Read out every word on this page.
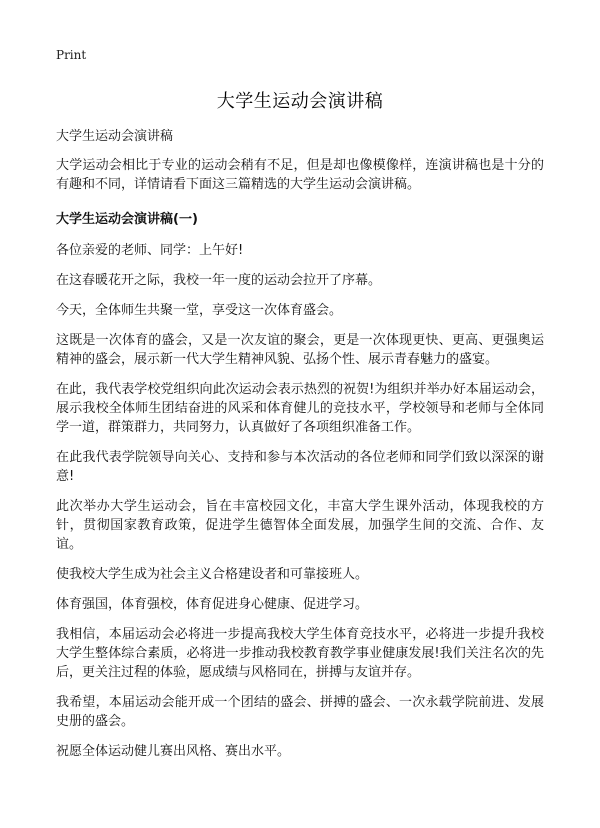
Print
大学生运动会演讲稿

大学生运动会演讲稿

大学运动会相比于专业的运动会稍有不足，但是却也像模像样，连演讲稿也是十分的有趣和不同，详情请看下面这三篇精选的大学生运动会演讲稿。

大学生运动会演讲稿(一)

各位亲爱的老师、同学：上午好!

在这春暖花开之际，我校一年一度的运动会拉开了序幕。

今天，全体师生共聚一堂，享受这一次体育盛会。

这既是一次体育的盛会，又是一次友谊的聚会，更是一次体现更快、更高、更强奥运精神的盛会，展示新一代大学生精神风貌、弘扬个性、展示青春魅力的盛宴。

在此，我代表学校党组织向此次运动会表示热烈的祝贺!为组织并举办好本届运动会，展示我校全体师生团结奋进的风采和体育健儿的竞技水平，学校领导和老师与全体同学一道，群策群力，共同努力，认真做好了各项组织准备工作。

在此我代表学院领导向关心、支持和参与本次活动的各位老师和同学们致以深深的谢意!

此次举办大学生运动会，旨在丰富校园文化，丰富大学生课外活动，体现我校的方针，贯彻国家教育政策，促进学生德智体全面发展，加强学生间的交流、合作、友谊。

使我校大学生成为社会主义合格建设者和可靠接班人。

体育强国，体育强校，体育促进身心健康、促进学习。

我相信，本届运动会必将进一步提高我校大学生体育竞技水平，必将进一步提升我校大学生整体综合素质，必将进一步推动我校教育教学事业健康发展!我们关注名次的先后，更关注过程的体验，愿成绩与风格同在，拼搏与友谊并存。

我希望，本届运动会能开成一个团结的盛会、拼搏的盛会、一次永载学院前进、发展史册的盛会。

祝愿全体运动健儿赛出风格、赛出水平。
